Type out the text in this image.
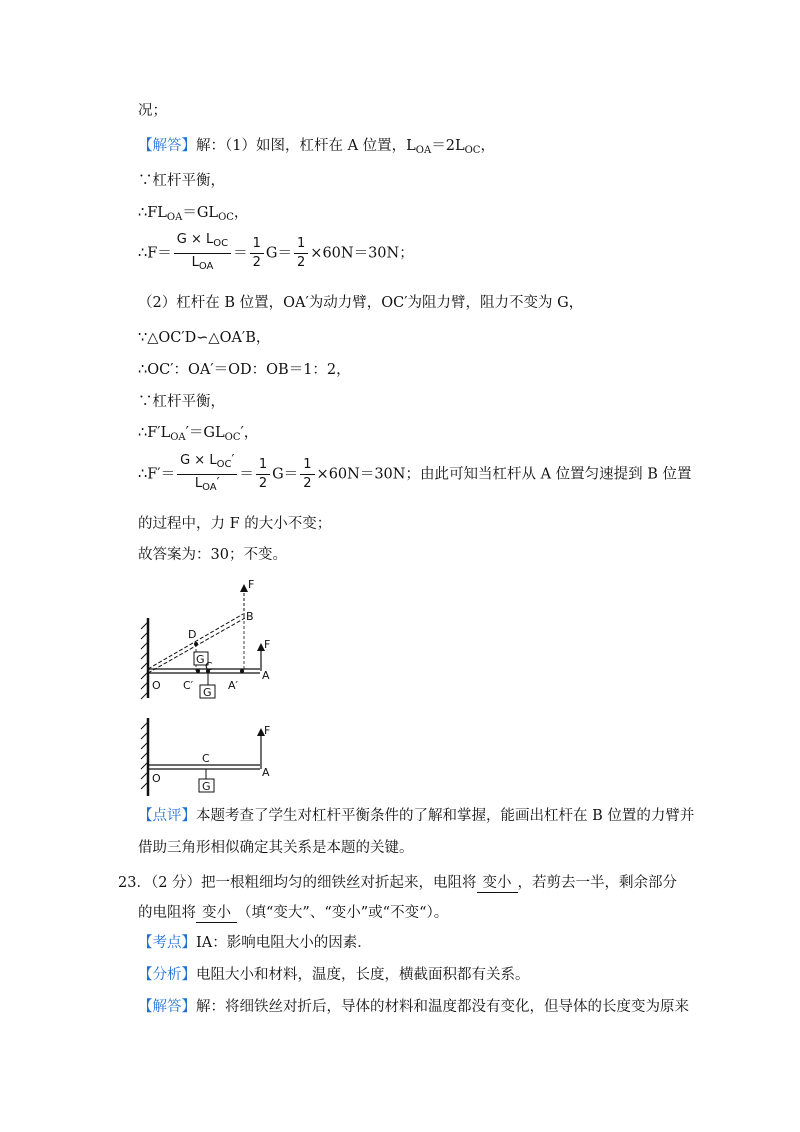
况；
【解答】解：（1）如图，杠杆在 A 位置，$L_{OA}=2L_{OC}$，
∵杠杆平衡，
$\therefore FL_{OA}=GL_{OC}$，
∴F＝ $\frac{G \times L_{OC}}{L_{OA}} = \frac{1}{2} G= \frac{1}{2} \times 60N=30N$；
（2）杠杆在 B 位置，OA′为动力臂，OC′为阻力臂，阻力不变为 G，
∵△OC′D∽△OA′B，
∴OC′：OA′＝OD：OB＝1：2，
∵杠杆平衡，
$\therefore F'L_{OA}'=GL_{OC}'$，
∴F′＝ $\frac{G \times L_{OC}'}{L_{OA}'} = \frac{1}{2} G= \frac{1}{2} \times 60N=30N$；由此可知当杠杆从 A 位置匀速提到 B 位置
的过程中，力 F 的大小不变；
故答案为：30；不变。
F
B
D
G
C
F
O C′	A′
A
G
F
C
O	A
G
【点评】本题考查了学生对杠杆平衡条件的了解和掌握，能画出杠杆在 B 位置的力臂并
借助三角形相似确定其关系是本题的关键。
23．（2 分）把一根粗细均匀的细铁丝对折起来，电阻将 变小 ，若剪去一半，剩余部分
的电阻将 变小 （填“变大”、“变小”或“不变“）。
【考点】IA：影响电阻大小的因素．
【分析】电阻大小和材料，温度，长度，横截面积都有关系。
【解答】解：将细铁丝对折后，导体的材料和温度都没有变化，但导体的长度变为原来
